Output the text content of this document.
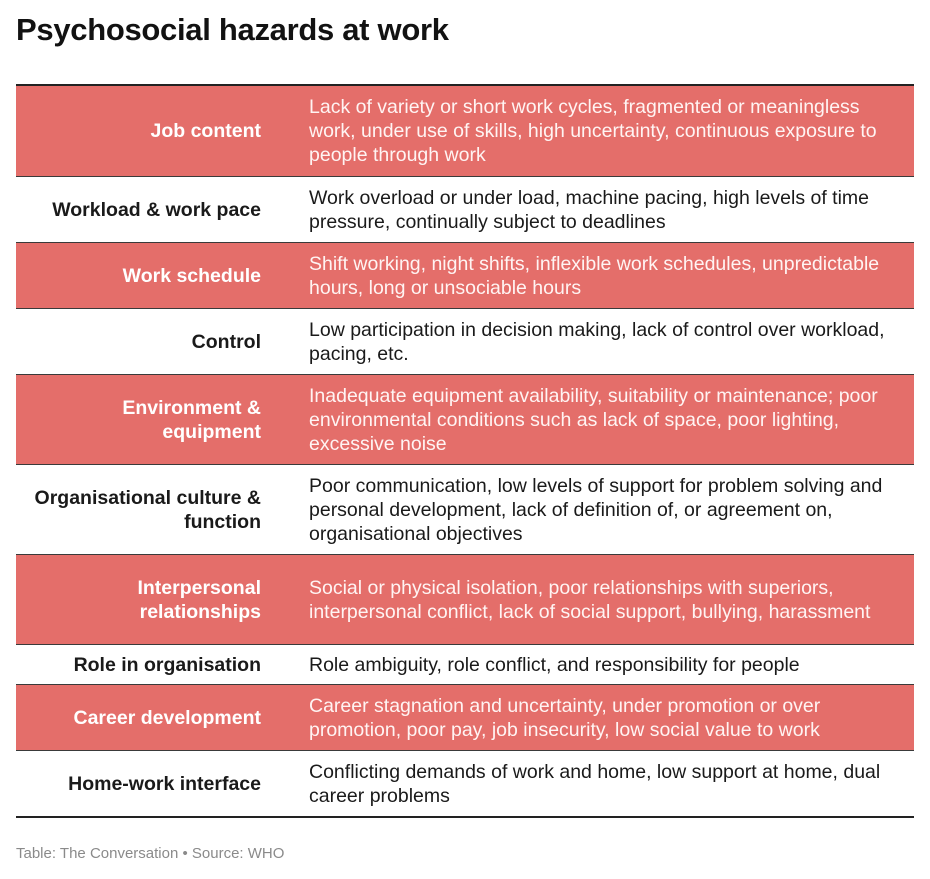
Psychosocial hazards at work
Job content
Lack of variety or short work cycles, fragmented or meaningless work, under use of skills, high uncertainty, continuous exposure to people through work
Workload & work pace
Work overload or under load, machine pacing, high levels of time pressure, continually subject to deadlines
Work schedule
Shift working, night shifts, inflexible work schedules, unpredictable hours, long or unsociable hours
Control
Low participation in decision making, lack of control over workload, pacing, etc.
Environment & equipment
Inadequate equipment availability, suitability or maintenance; poor environmental conditions such as lack of space, poor lighting, excessive noise
Organisational culture & function
Poor communication, low levels of support for problem solving and personal development, lack of definition of, or agreement on, organisational objectives
Interpersonal relationships
Social or physical isolation, poor relationships with superiors, interpersonal conflict, lack of social support, bullying, harassment
Role in organisation	Role ambiguity, role conflict, and responsibility for people
Career development
Career stagnation and uncertainty, under promotion or over promotion, poor pay, job insecurity, low social value to work
Home-work interface
Conflicting demands of work and home, low support at home, dual career problems
Table: The Conversation • Source: WHO
